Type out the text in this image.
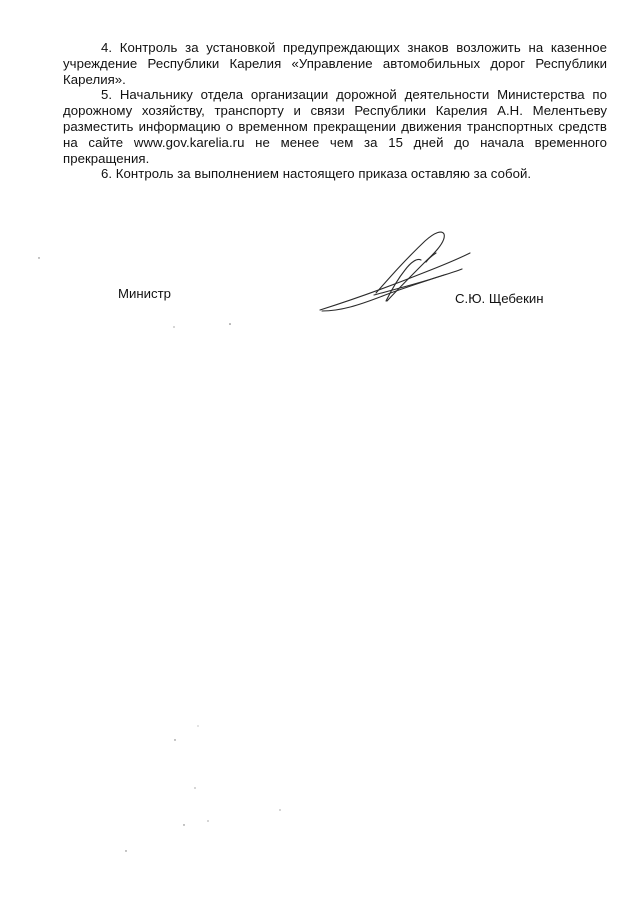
4. Контроль за установкой предупреждающих знаков возложить на казенное учреждение Республики Карелия «Управление автомобильных дорог Республики Карелия».

5. Начальнику отдела организации дорожной деятельности Министерства по дорожному хозяйству, транспорту и связи Республики Карелия А.Н. Мелентьеву разместить информацию о временном прекращении движения транспортных средств на сайте www.gov.karelia.ru не менее чем за 15 дней до начала временного прекращения.

6. Контроль за выполнением настоящего приказа оставляю за собой.

Министр	С.Ю. Щебекин
